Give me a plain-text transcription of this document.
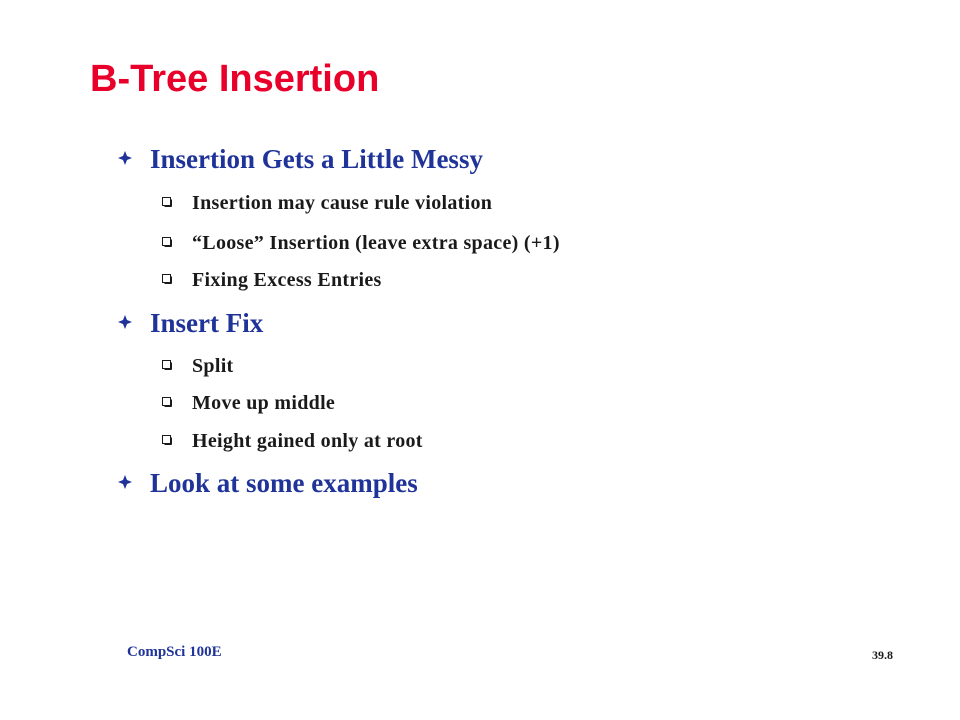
B-Tree Insertion
Insertion Gets a Little Messy
Insertion may cause rule violation
“Loose” Insertion (leave extra space) (+1)
Fixing Excess Entries
Insert Fix
Split
Move up middle
Height gained only at root
Look at some examples
CompSci 100E	39.8
